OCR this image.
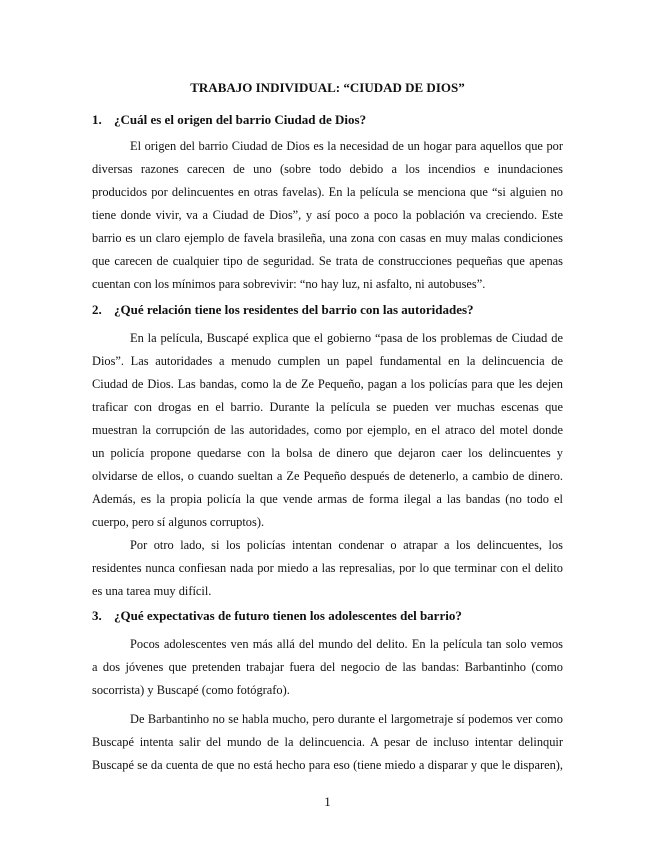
TRABAJO INDIVIDUAL: “CIUDAD DE DIOS”
1. ¿Cuál es el origen del barrio Ciudad de Dios?
El origen del barrio Ciudad de Dios es la necesidad de un hogar para aquellos que por
diversas razones carecen de uno (sobre todo debido a los incendios e inundaciones
producidos por delincuentes en otras favelas). En la película se menciona que “si alguien no
tiene donde vivir, va a Ciudad de Dios”, y así poco a poco la población va creciendo. Este
barrio es un claro ejemplo de favela brasileña, una zona con casas en muy malas condiciones
que carecen de cualquier tipo de seguridad. Se trata de construcciones pequeñas que apenas
cuentan con los mínimos para sobrevivir: “no hay luz, ni asfalto, ni autobuses”.
2. ¿Qué relación tiene los residentes del barrio con las autoridades?
En la película, Buscapé explica que el gobierno “pasa de los problemas de Ciudad de
Dios”. Las autoridades a menudo cumplen un papel fundamental en la delincuencia de
Ciudad de Dios. Las bandas, como la de Ze Pequeño, pagan a los policías para que les dejen
traficar con drogas en el barrio. Durante la película se pueden ver muchas escenas que
muestran la corrupción de las autoridades, como por ejemplo, en el atraco del motel donde
un policía propone quedarse con la bolsa de dinero que dejaron caer los delincuentes y
olvidarse de ellos, o cuando sueltan a Ze Pequeño después de detenerlo, a cambio de dinero.
Además, es la propia policía la que vende armas de forma ilegal a las bandas (no todo el
cuerpo, pero sí algunos corruptos).
Por otro lado, si los policías intentan condenar o atrapar a los delincuentes, los
residentes nunca confiesan nada por miedo a las represalias, por lo que terminar con el delito
es una tarea muy difícil.
3. ¿Qué expectativas de futuro tienen los adolescentes del barrio?
Pocos adolescentes ven más allá del mundo del delito. En la película tan solo vemos
a dos jóvenes que pretenden trabajar fuera del negocio de las bandas: Barbantinho (como
socorrista) y Buscapé (como fotógrafo).
De Barbantinho no se habla mucho, pero durante el largometraje sí podemos ver como
Buscapé intenta salir del mundo de la delincuencia. A pesar de incluso intentar delinquir
Buscapé se da cuenta de que no está hecho para eso (tiene miedo a disparar y que le disparen),
1
